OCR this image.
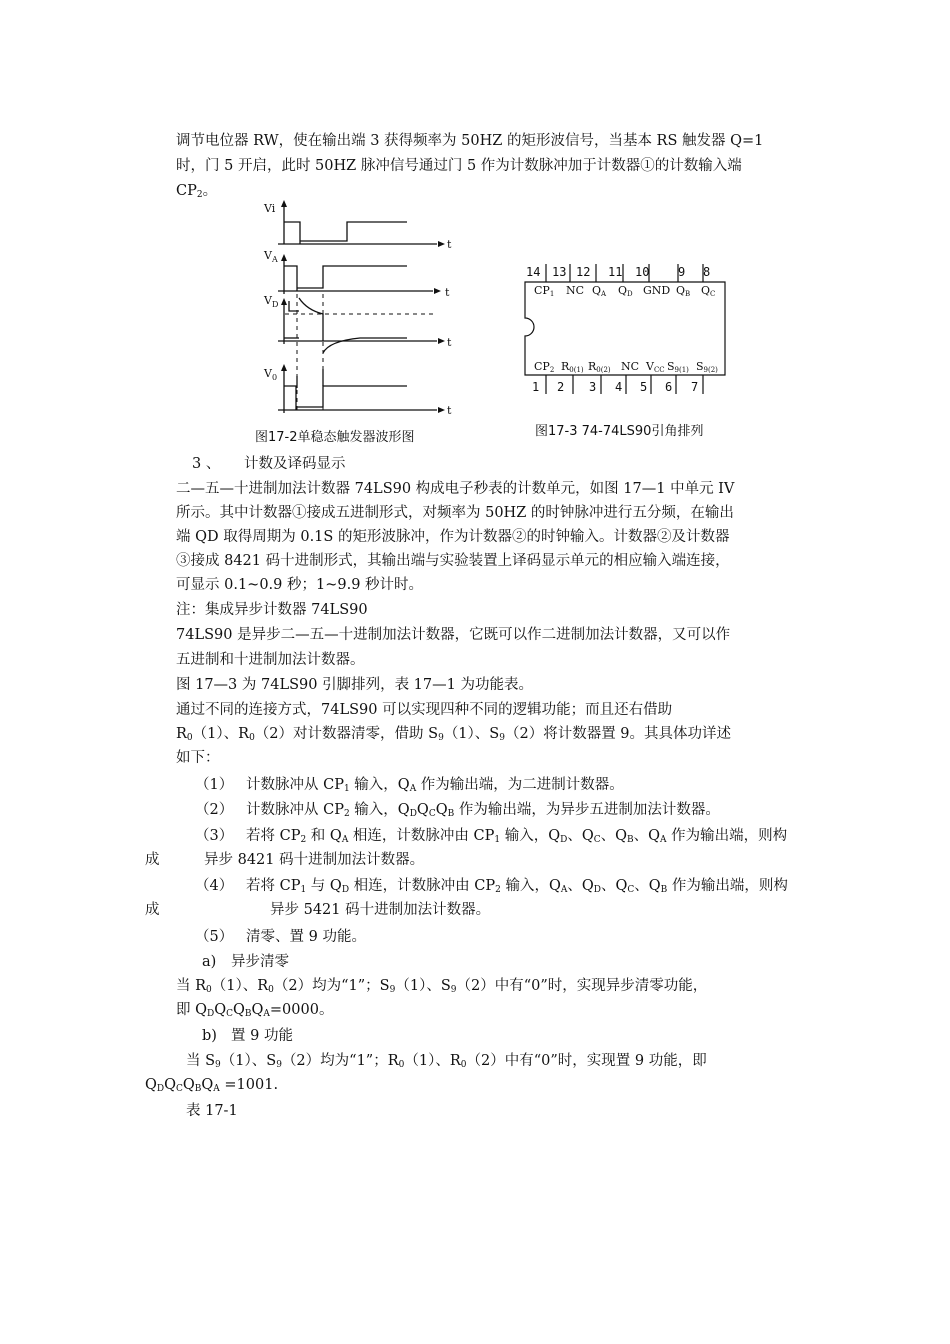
调节电位器 RW，使在输出端 3 获得频率为 50HZ 的矩形波信号，当基本 RS 触发器 Q=1
时，门 5 开启，此时 50HZ 脉冲信号通过门 5 作为计数脉冲加于计数器①的计数输入端
$CP_2$。
Vi
$V_A$
$V_D$
$V_0$
t
t
t
t
图17-2单稳态触发器波形图
14 13 12 11 10 9 8
1 2 3 4 5 6 7
CP1 NC QA QD GND QB QC
CP2 R0(1) R0(2) NC VCC S9(1) S9(2)
图17-3 74-74LS90引角排列
3 、 计数及译码显示
二—五—十进制加法计数器 74LS90 构成电子秒表的计数单元，如图 17—1 中单元 IV
所示。其中计数器①接成五进制形式，对频率为 50HZ 的时钟脉冲进行五分频，在输出
端 QD 取得周期为 0.1S 的矩形波脉冲，作为计数器②的时钟输入。计数器②及计数器
③接成 8421 码十进制形式，其输出端与实验装置上译码显示单元的相应输入端连接，
可显示 0.1~0.9 秒；1~9.9 秒计时。
注：集成异步计数器 74LS90
74LS90 是异步二—五—十进制加法计数器，它既可以作二进制加法计数器，又可以作
五进制和十进制加法计数器。
图 17—3 为 74LS90 引脚排列，表 17—1 为功能表。
通过不同的连接方式，74LS90 可以实现四种不同的逻辑功能；而且还右借助
$R_0(1)$、$R_0(2)$对计数器清零，借助 $S_9(1)$、$S_9(2)$将计数器置 9。其具体功详述
如下：
（1） 计数脉冲从 $CP_1$ 输入，$Q_A$ 作为输出端，为二进制计数器。
（2） 计数脉冲从 $CP_2$ 输入，$Q_DQ_CQ_B$ 作为输出端，为异步五进制加法计数器。
（3） 若将 $CP_2$ 和 $Q_A$ 相连，计数脉冲由 $CP_1$ 输入，$Q_D$、$Q_C$、$Q_B$、$Q_A$ 作为输出端，则构
成	异步 8421 码十进制加法计数器。
（4） 若将 $CP_1$ 与 $Q_D$ 相连，计数脉冲由 $CP_2$ 输入，$Q_A$、$Q_D$、$Q_C$、$Q_B$ 作为输出端，则构
成	异步 5421 码十进制加法计数器。
（5） 清零、置 9 功能。
a) 异步清零
当 $R_0(1)$、$R_0(2)$均为“1”；$S_9(1)$、$S_9(2)$中有“0”时，实现异步清零功能，
即 $Q_DQ_CQ_BQ_A=0000$。
b) 置 9 功能
当 $S_9(1)$、$S_9(2)$均为“1”；$R_0(1)$、$R_0(2)$中有“0”时，实现置 9 功能，即
$Q_DQ_CQ_BQ_A =1001$.
表 17-1
